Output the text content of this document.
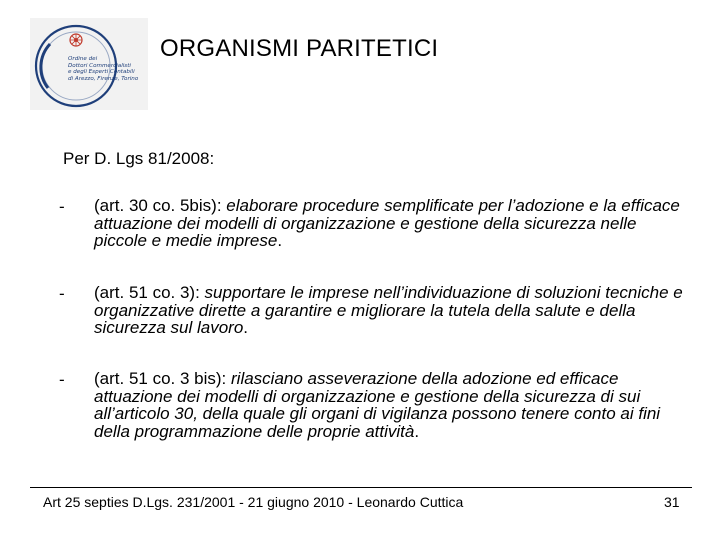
Ordine dei
Dottori Commercialisti
e degli Esperti Contabili
di Arezzo, Firenze, Torino
ORGANISMI PARITETICI
Per D. Lgs 81/2008:
- (art. 30 co. 5bis): elaborare procedure semplificate per l’adozione e la efficace attuazione dei modelli di organizzazione e gestione della sicurezza nelle piccole e medie imprese.
- (art. 51 co. 3): supportare le imprese nell’individuazione di soluzioni tecniche e organizzative dirette a garantire e migliorare la tutela della salute e della sicurezza sul lavoro.
- (art. 51 co. 3 bis): rilasciano asseverazione della adozione ed efficace attuazione dei modelli di organizzazione e gestione della sicurezza di sui all’articolo 30, della quale gli organi di vigilanza possono tenere conto ai fini della programmazione delle proprie attività.
Art 25 septies D.Lgs. 231/2001 - 21 giugno 2010 - Leonardo Cuttica	31
